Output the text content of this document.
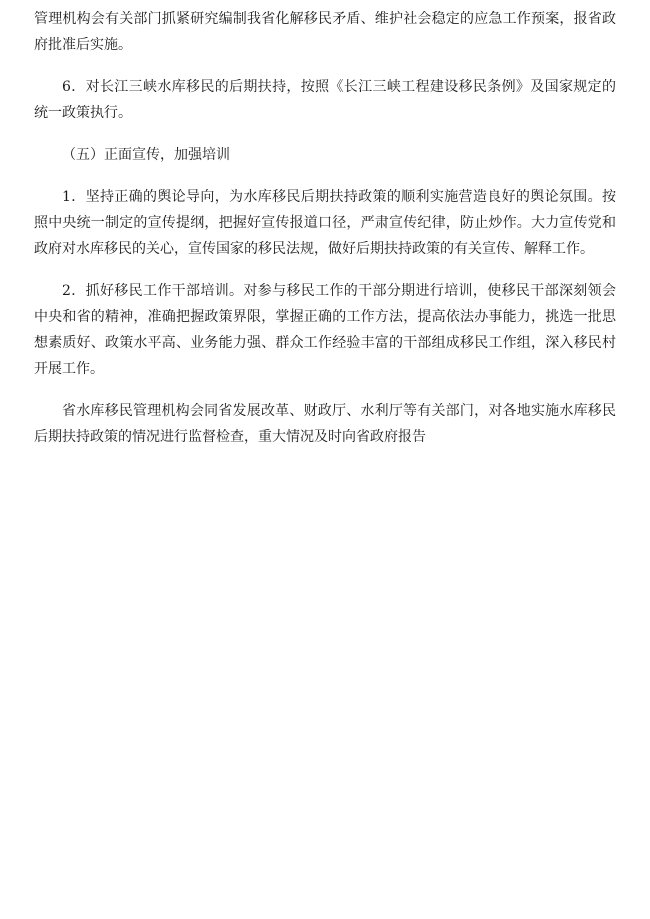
管理机构会有关部门抓紧研究编制我省化解移民矛盾、维护社会稳定的应急工作预案，报省政府批准后实施。

6．对长江三峡水库移民的后期扶持，按照《长江三峡工程建设移民条例》及国家规定的统一政策执行。

（五）正面宣传，加强培训

1．坚持正确的舆论导向，为水库移民后期扶持政策的顺利实施营造良好的舆论氛围。按照中央统一制定的宣传提纲，把握好宣传报道口径，严肃宣传纪律，防止炒作。大力宣传党和政府对水库移民的关心，宣传国家的移民法规，做好后期扶持政策的有关宣传、解释工作。

2．抓好移民工作干部培训。对参与移民工作的干部分期进行培训，使移民干部深刻领会中央和省的精神，准确把握政策界限，掌握正确的工作方法，提高依法办事能力，挑选一批思想素质好、政策水平高、业务能力强、群众工作经验丰富的干部组成移民工作组，深入移民村开展工作。

省水库移民管理机构会同省发展改革、财政厅、水利厅等有关部门，对各地实施水库移民后期扶持政策的情况进行监督检查，重大情况及时向省政府报告
